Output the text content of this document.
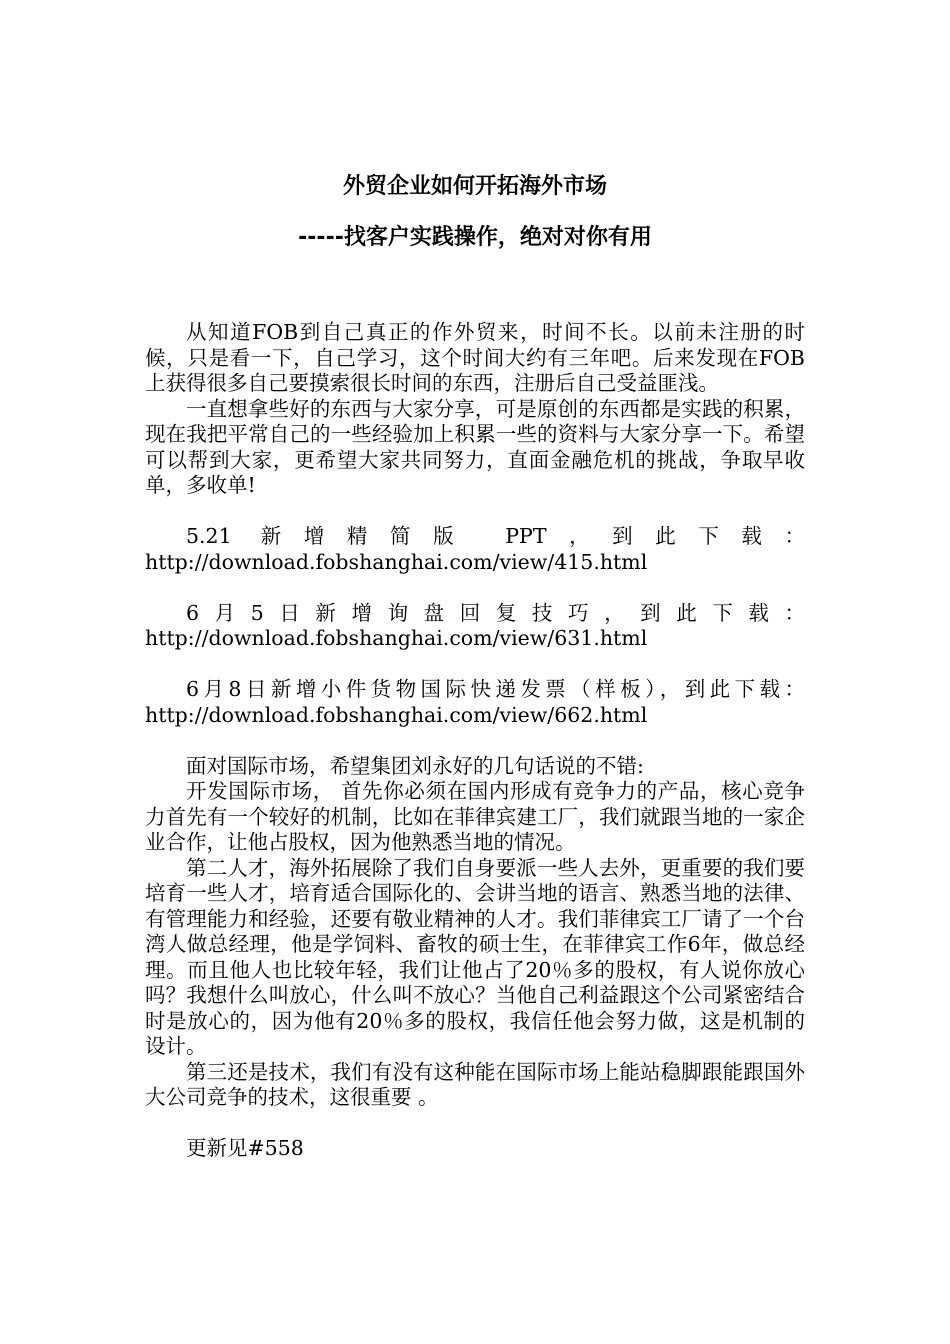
外贸企业如何开拓海外市场
-----找客户实践操作，绝对对你有用

从知道FOB到自己真正的作外贸来，时间不长。以前未注册的时候，只是看一下，自己学习，这个时间大约有三年吧。后来发现在FOB上获得很多自己要摸索很长时间的东西，注册后自己受益匪浅。

一直想拿些好的东西与大家分享，可是原创的东西都是实践的积累，现在我把平常自己的一些经验加上积累一些的资料与大家分享一下。希望可以帮到大家，更希望大家共同努力，直面金融危机的挑战，争取早收单，多收单!

5.21 新增精简版 PPT，到此下载：http://download.fobshanghai.com/view/415.html

6月5日新增询盘回复技巧，到此下载：http://download.fobshanghai.com/view/631.html

6月8日新增小件货物国际快递发票（样板），到此下载：http://download.fobshanghai.com/view/662.html

面对国际市场，希望集团刘永好的几句话说的不错:

开发国际市场， 首先你必须在国内形成有竞争力的产品，核心竞争力首先有一个较好的机制，比如在菲律宾建工厂，我们就跟当地的一家企业合作，让他占股权，因为他熟悉当地的情况。

第二人才，海外拓展除了我们自身要派一些人去外，更重要的我们要培育一些人才，培育适合国际化的、会讲当地的语言、熟悉当地的法律、有管理能力和经验，还要有敬业精神的人才。我们菲律宾工厂请了一个台湾人做总经理，他是学饲料、畜牧的硕士生，在菲律宾工作6年，做总经理。而且他人也比较年轻，我们让他占了20％多的股权，有人说你放心吗？我想什么叫放心，什么叫不放心？当他自己利益跟这个公司紧密结合时是放心的，因为他有20％多的股权，我信任他会努力做，这是机制的设计。

第三还是技术，我们有没有这种能在国际市场上能站稳脚跟能跟国外大公司竞争的技术，这很重要 。

更新见#558
